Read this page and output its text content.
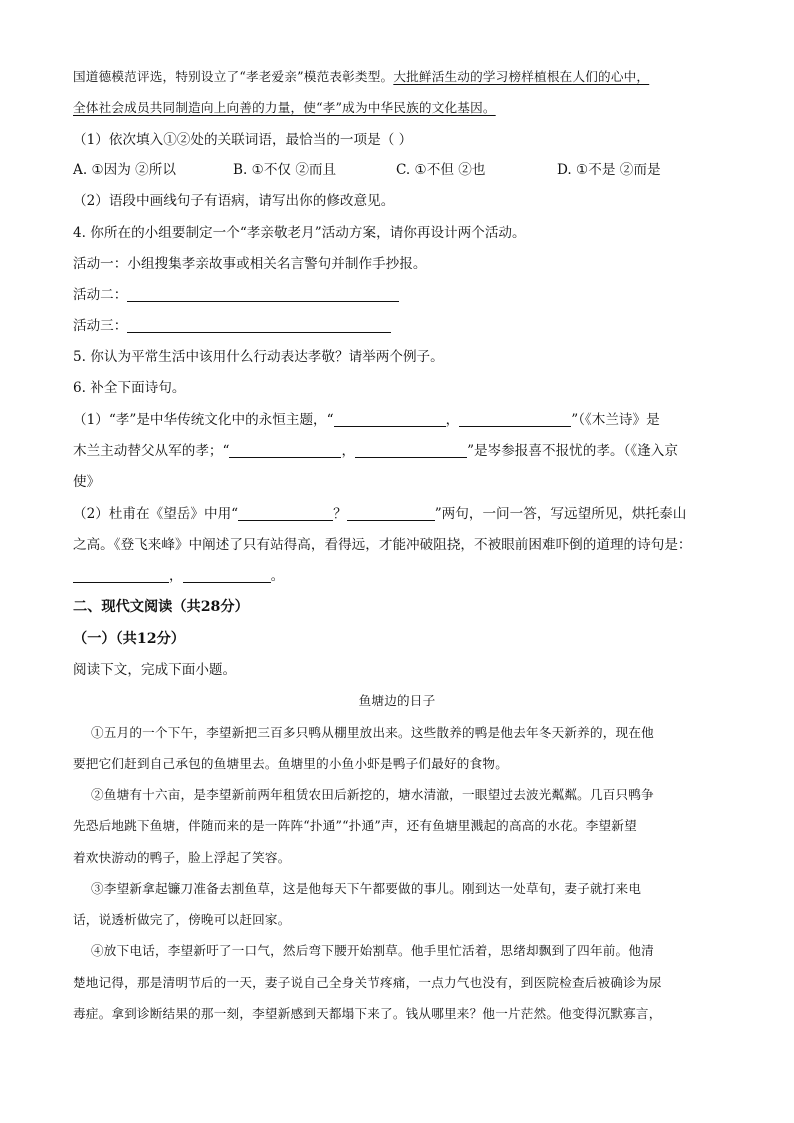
国道德模范评选，特别设立了“孝老爱亲”模范表彰类型。大批鲜活生动的学习榜样植根在人们的心中，
全体社会成员共同制造向上向善的力量，使“孝”成为中华民族的文化基因。
（1）依次填入①②处的关联词语，最恰当的一项是（ ）
A. ①因为 ②所以	B. ①不仅 ②而且	C. ①不但 ②也	D. ①不是 ②而是
（2）语段中画线句子有语病，请写出你的修改意见。
4. 你所在的小组要制定一个“孝亲敬老月”活动方案，请你再设计两个活动。
活动一：小组搜集孝亲故事或相关名言警句并制作手抄报。
活动二：
活动三：
5. 你认为平常生活中该用什么行动表达孝敬？请举两个例子。
6. 补全下面诗句。
（1）“孝”是中华传统文化中的永恒主题，“	，	”（《木兰诗》是
木兰主动替父从军的孝；“	，	”是岑参报喜不报忧的孝。（《逢入京
使》
（2）杜甫在《望岳》中用“	？	”两句，一问一答，写远望所见，烘托泰山
之高。《登飞来峰》中阐述了只有站得高，看得远，才能冲破阻挠，不被眼前困难吓倒的道理的诗句是：
，	。
二、现代文阅读（共28分）
（一）（共12分）
阅读下文，完成下面小题。
鱼塘边的日子
①五月的一个下午，李望新把三百多只鸭从棚里放出来。这些散养的鸭是他去年冬天新养的，现在他
要把它们赶到自己承包的鱼塘里去。鱼塘里的小鱼小虾是鸭子们最好的食物。
②鱼塘有十六亩，是李望新前两年租赁农田后新挖的，塘水清澈，一眼望过去波光粼粼。几百只鸭争
先恐后地跳下鱼塘，伴随而来的是一阵阵“扑通”“扑通”声，还有鱼塘里溅起的高高的水花。李望新望
着欢快游动的鸭子，脸上浮起了笑容。
③李望新拿起镰刀准备去割鱼草，这是他每天下午都要做的事儿。刚到达一处草旬，妻子就打来电
话，说透析做完了，傍晚可以赶回家。
④放下电话，李望新吁了一口气，然后弯下腰开始割草。他手里忙活着，思绪却飘到了四年前。他清
楚地记得，那是清明节后的一天，妻子说自己全身关节疼痛，一点力气也没有，到医院检查后被确诊为尿
毒症。拿到诊断结果的那一刻，李望新感到天都塌下来了。钱从哪里来？他一片茫然。他变得沉默寡言，
